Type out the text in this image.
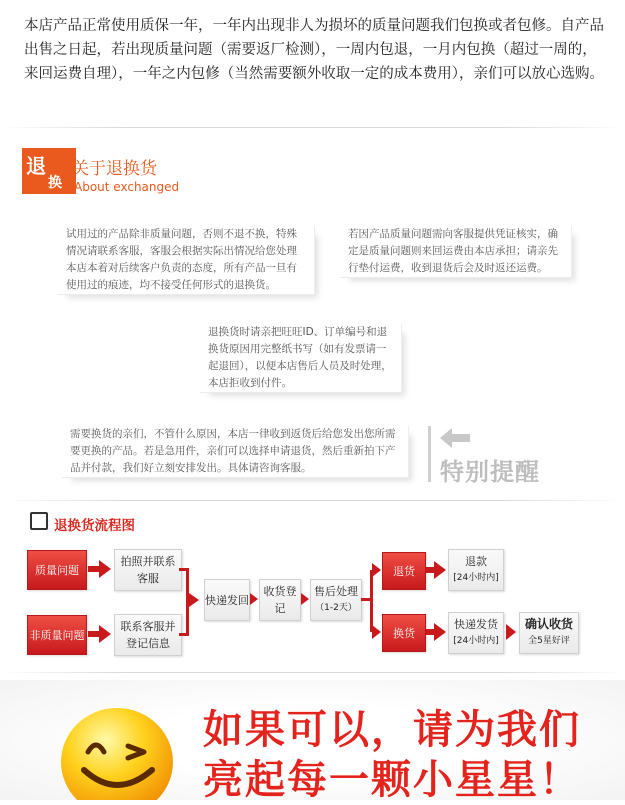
本店产品正常使用质保一年，一年内出现非人为损坏的质量问题我们包换或者包修。自产品出售之日起，若出现质量问题（需要返厂检测），一周内包退，一月内包换（超过一周的，来回运费自理），一年之内包修（当然需要额外收取一定的成本费用），亲们可以放心选购。
退
换
关于退换货
About exchanged
试用过的产品除非质量问题，否则不退不换，特殊情况请联系客服，客服会根据实际出情况给您处理本店本着对后续客户负责的态度，所有产品一旦有使用过的痕迹，均不接受任何形式的退换货。
若因产品质量问题需向客服提供凭证核实，确定是质量问题则来回运费由本店承担；请亲先行垫付运费，收到退货后会及时返还运费。
退换货时请亲把旺旺ID、订单编号和退换货原因用完整纸书写（如有发票请一起退回），以便本店售后人员及时处理，本店拒收到付件。
需要换货的亲们，不管什么原因，本店一律收到返货后给您发出您所需要更换的产品。若是急用件，亲们可以选择申请退货，然后重新拍下产品并付款，我们好立刻安排发出。具体请咨询客服。	特别提醒
退换货流程图
质量问题
非质量问题
拍照并联系客服
联系客服并登记信息
快递发回
收货登记
售后处理
（1-2天）
退货
换货
退款
[24小时内]
快递发货
[24小时内]
确认收货
全5星好评
如果可以，请为我们
亮起每一颗小星星！
